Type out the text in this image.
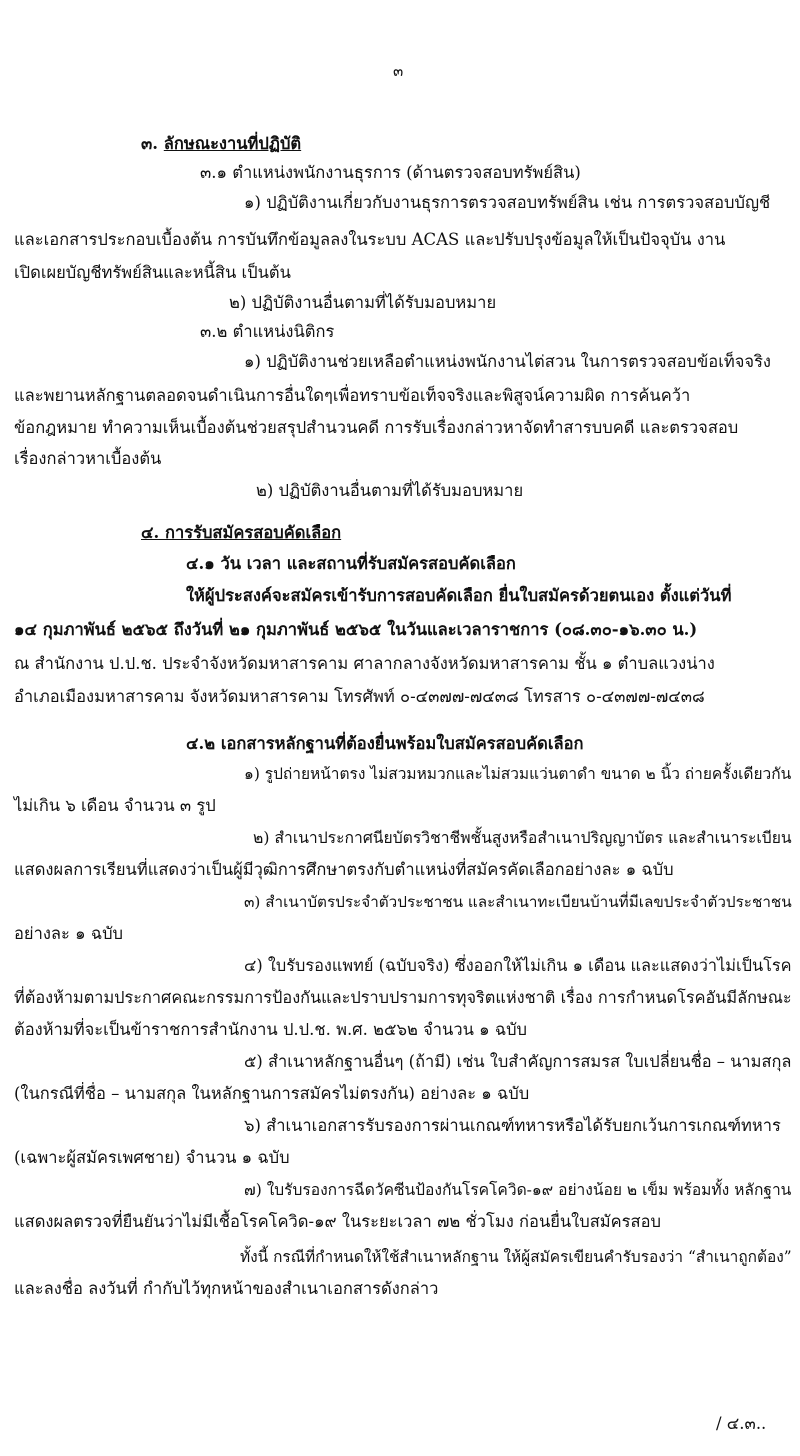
๓
๓. ลักษณะงานที่ปฏิบัติ
๓.๑ ตำแหน่งพนักงานธุรการ (ด้านตรวจสอบทรัพย์สิน)
๑) ปฏิบัติงานเกี่ยวกับงานธุรการตรวจสอบทรัพย์สิน เช่น การตรวจสอบบัญชี
และเอกสารประกอบเบื้องต้น การบันทึกข้อมูลลงในระบบ ACAS และปรับปรุงข้อมูลให้เป็นปัจจุบัน งาน
เปิดเผยบัญชีทรัพย์สินและหนี้สิน เป็นต้น
๒) ปฏิบัติงานอื่นตามที่ได้รับมอบหมาย
๓.๒ ตำแหน่งนิติกร
๑) ปฏิบัติงานช่วยเหลือตำแหน่งพนักงานไต่สวน ในการตรวจสอบข้อเท็จจริง
และพยานหลักฐานตลอดจนดำเนินการอื่นใดๆเพื่อทราบข้อเท็จจริงและพิสูจน์ความผิด การค้นคว้า
ข้อกฎหมาย ทำความเห็นเบื้องต้นช่วยสรุปสำนวนคดี การรับเรื่องกล่าวหาจัดทำสารบบคดี และตรวจสอบ
เรื่องกล่าวหาเบื้องต้น
๒) ปฏิบัติงานอื่นตามที่ได้รับมอบหมาย
๔. การรับสมัครสอบคัดเลือก
๔.๑ วัน เวลา และสถานที่รับสมัครสอบคัดเลือก
ให้ผู้ประสงค์จะสมัครเข้ารับการสอบคัดเลือก ยื่นใบสมัครด้วยตนเอง ตั้งแต่วันที่
๑๔ กุมภาพันธ์ ๒๕๖๕ ถึงวันที่ ๒๑ กุมภาพันธ์ ๒๕๖๕ ในวันและเวลาราชการ (๐๘.๓๐-๑๖.๓๐ น.)
ณ สำนักงาน ป.ป.ช. ประจำจังหวัดมหาสารคาม ศาลากลางจังหวัดมหาสารคาม ชั้น ๑ ตำบลแวงน่าง
อำเภอเมืองมหาสารคาม จังหวัดมหาสารคาม โทรศัพท์ ๐-๔๓๗๗-๗๔๓๘ โทรสาร ๐-๔๓๗๗-๗๔๓๘
๔.๒ เอกสารหลักฐานที่ต้องยื่นพร้อมใบสมัครสอบคัดเลือก
๑) รูปถ่ายหน้าตรง ไม่สวมหมวกและไม่สวมแว่นตาดำ ขนาด ๒ นิ้ว ถ่ายครั้งเดียวกัน
ไม่เกิน ๖ เดือน จำนวน ๓ รูป
๒) สำเนาประกาศนียบัตรวิชาชีพชั้นสูงหรือสำเนาปริญญาบัตร และสำเนาระเบียน
แสดงผลการเรียนที่แสดงว่าเป็นผู้มีวุฒิการศึกษาตรงกับตำแหน่งที่สมัครคัดเลือกอย่างละ ๑ ฉบับ
๓) สำเนาบัตรประจำตัวประชาชน และสำเนาทะเบียนบ้านที่มีเลขประจำตัวประชาชน
อย่างละ ๑ ฉบับ
๔) ใบรับรองแพทย์ (ฉบับจริง) ซึ่งออกให้ไม่เกิน ๑ เดือน และแสดงว่าไม่เป็นโรค
ที่ต้องห้ามตามประกาศคณะกรรมการป้องกันและปราบปรามการทุจริตแห่งชาติ เรื่อง การกำหนดโรคอันมีลักษณะ
ต้องห้ามที่จะเป็นข้าราชการสำนักงาน ป.ป.ช. พ.ศ. ๒๕๖๒ จำนวน ๑ ฉบับ
๕) สำเนาหลักฐานอื่นๆ (ถ้ามี) เช่น ใบสำคัญการสมรส ใบเปลี่ยนชื่อ – นามสกุล
(ในกรณีที่ชื่อ – นามสกุล ในหลักฐานการสมัครไม่ตรงกัน) อย่างละ ๑ ฉบับ
๖) สำเนาเอกสารรับรองการผ่านเกณฑ์ทหารหรือได้รับยกเว้นการเกณฑ์ทหาร
(เฉพาะผู้สมัครเพศชาย) จำนวน ๑ ฉบับ
๗) ใบรับรองการฉีดวัคซีนป้องกันโรคโควิด-๑๙ อย่างน้อย ๒ เข็ม พร้อมทั้ง หลักฐาน
แสดงผลตรวจที่ยืนยันว่าไม่มีเชื้อโรคโควิด-๑๙ ในระยะเวลา ๗๒ ชั่วโมง ก่อนยื่นใบสมัครสอบ
ทั้งนี้ กรณีที่กำหนดให้ใช้สำเนาหลักฐาน ให้ผู้สมัครเขียนคำรับรองว่า “สำเนาถูกต้อง”
และลงชื่อ ลงวันที่ กำกับไว้ทุกหน้าของสำเนาเอกสารดังกล่าว
/ ๔.๓..
